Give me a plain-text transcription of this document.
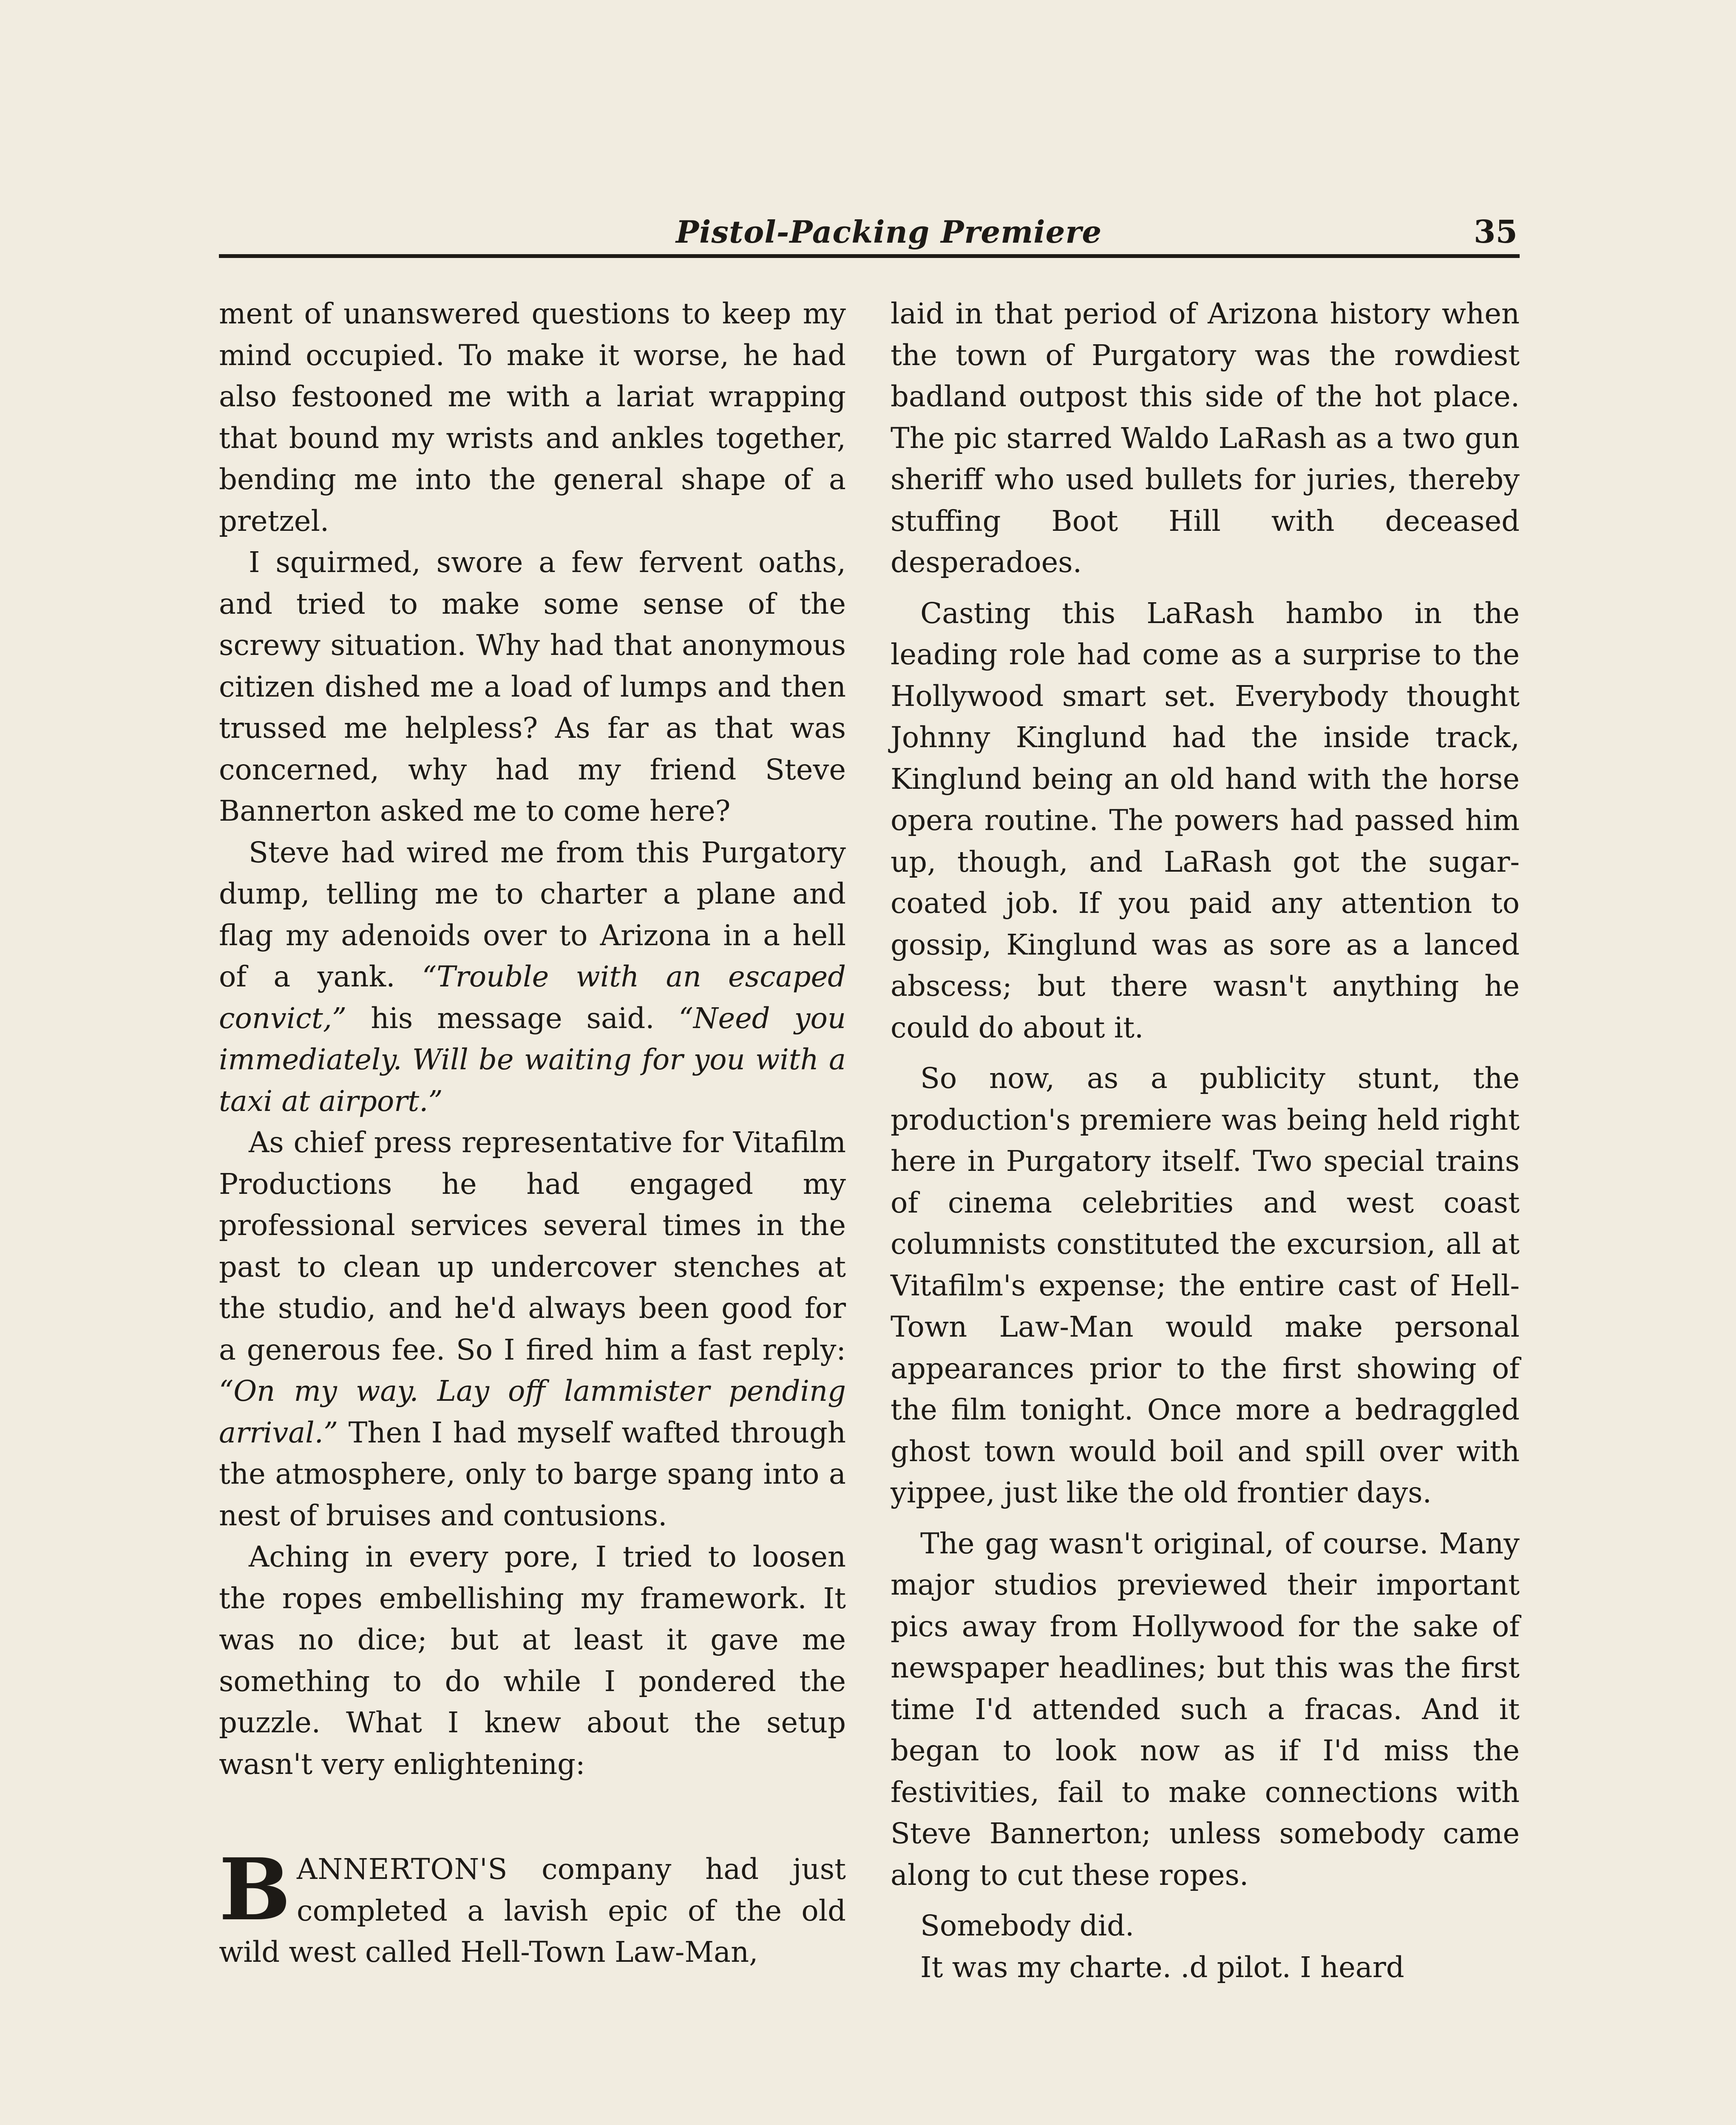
Pistol-Packing Premiere	35

ment of unanswered questions to keep my mind occupied. To make it worse, he had also festooned me with a lariat wrapping that bound my wrists and ankles together, bending me into the general shape of a pretzel.

I squirmed, swore a few fervent oaths, and tried to make some sense of the screwy situation. Why had that anonymous citizen dished me a load of lumps and then trussed me helpless? As far as that was concerned, why had my friend Steve Bannerton asked me to come here?

Steve had wired me from this Purgatory dump, telling me to charter a plane and flag my adenoids over to Arizona in a hell of a yank. “Trouble with an escaped convict,” his message said. “Need you immediately. Will be waiting for you with a taxi at airport.”

As chief press representative for Vitafilm Productions he had engaged my professional services several times in the past to clean up undercover stenches at the studio, and he'd always been good for a generous fee. So I fired him a fast reply: “On my way. Lay off lammister pending arrival.” Then I had myself wafted through the atmosphere, only to barge spang into a nest of bruises and contusions.

Aching in every pore, I tried to loosen the ropes embellishing my framework. It was no dice; but at least it gave me something to do while I pondered the puzzle. What I knew about the setup wasn't very enlightening:

BANNERTON'S company had just completed a lavish epic of the old wild west called Hell-Town Law-Man,

laid in that period of Arizona history when the town of Purgatory was the rowdiest badland outpost this side of the hot place. The pic starred Waldo LaRash as a two gun sheriff who used bullets for juries, thereby stuffing Boot Hill with deceased desperadoes.

Casting this LaRash hambo in the leading role had come as a surprise to the Hollywood smart set. Everybody thought Johnny Kinglund had the inside track, Kinglund being an old hand with the horse opera routine. The powers had passed him up, though, and LaRash got the sugar-coated job. If you paid any attention to gossip, Kinglund was as sore as a lanced abscess; but there wasn't anything he could do about it.

So now, as a publicity stunt, the production's premiere was being held right here in Purgatory itself. Two special trains of cinema celebrities and west coast columnists constituted the excursion, all at Vitafilm's expense; the entire cast of Hell-Town Law-Man would make personal appearances prior to the first showing of the film tonight. Once more a bedraggled ghost town would boil and spill over with yippee, just like the old frontier days.

The gag wasn't original, of course. Many major studios previewed their important pics away from Hollywood for the sake of newspaper headlines; but this was the first time I'd attended such a fracas. And it began to look now as if I'd miss the festivities, fail to make connections with Steve Bannerton; unless somebody came along to cut these ropes.

Somebody did.

It was my charte. .d pilot. I heard
